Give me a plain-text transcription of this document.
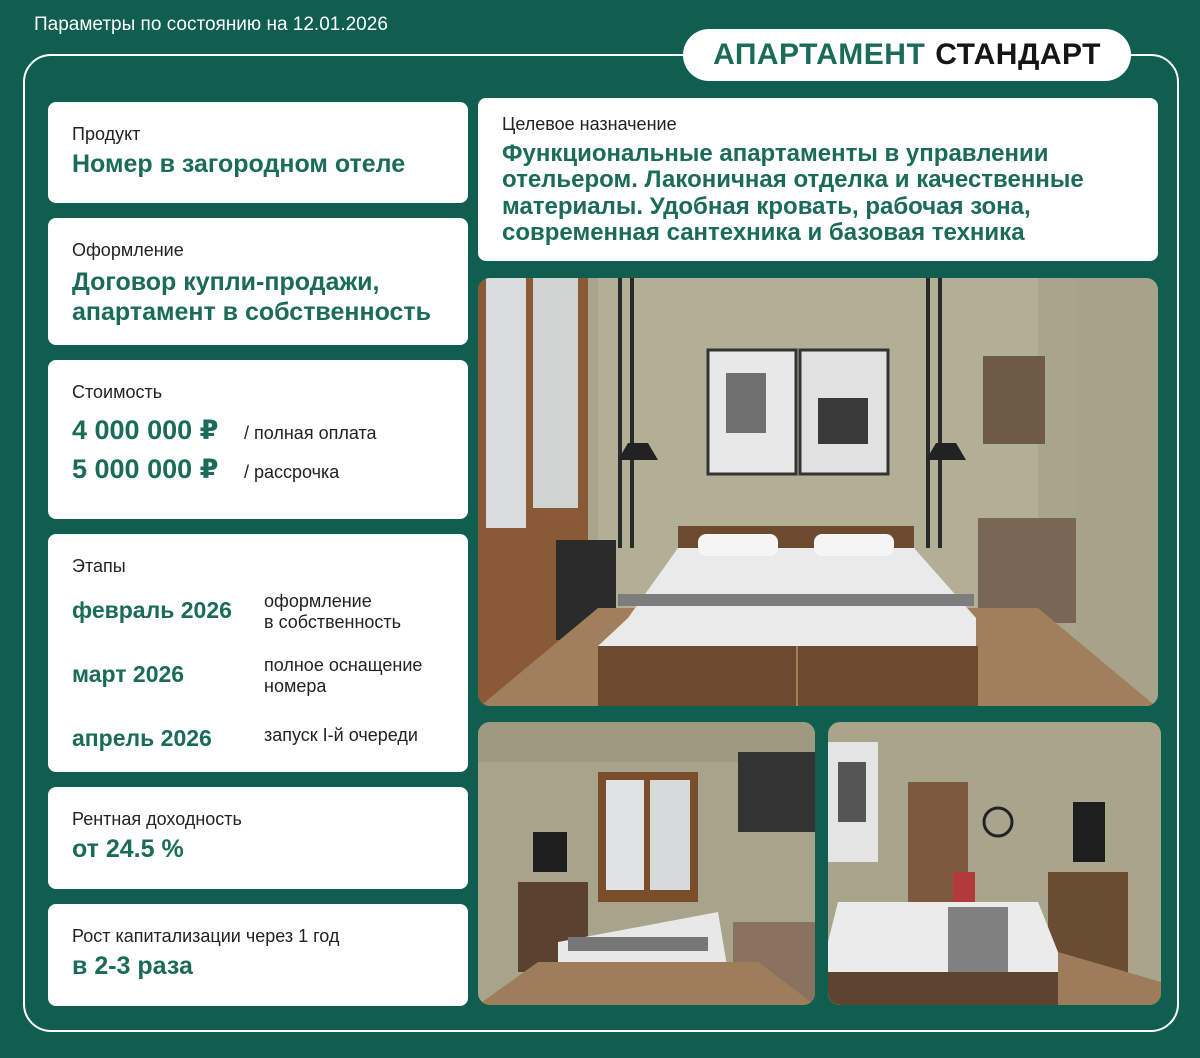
Параметры по состоянию на 12.01.2026
АПАРТАМЕНТ СТАНДАРТ
Продукт
Номер в загородном отеле
Оформление
Договор купли-продажи,
апартамент в собственность
Стоимость
4 000 000 ₽	/ полная оплата
5 000 000 ₽	/ рассрочка
Этапы
февраль 2026 оформление
в собственность
март 2026	полное оснащение
номера
апрель 2026	запуск I-й очереди
Рентная доходность
от 24.5 %
Рост капитализации через 1 год
в 2-3 раза
Целевое назначение
Функциональные апартаменты в управлении
отельером. Лаконичная отделка и качественные
материалы. Удобная кровать, рабочая зона,
современная сантехника и базовая техника
